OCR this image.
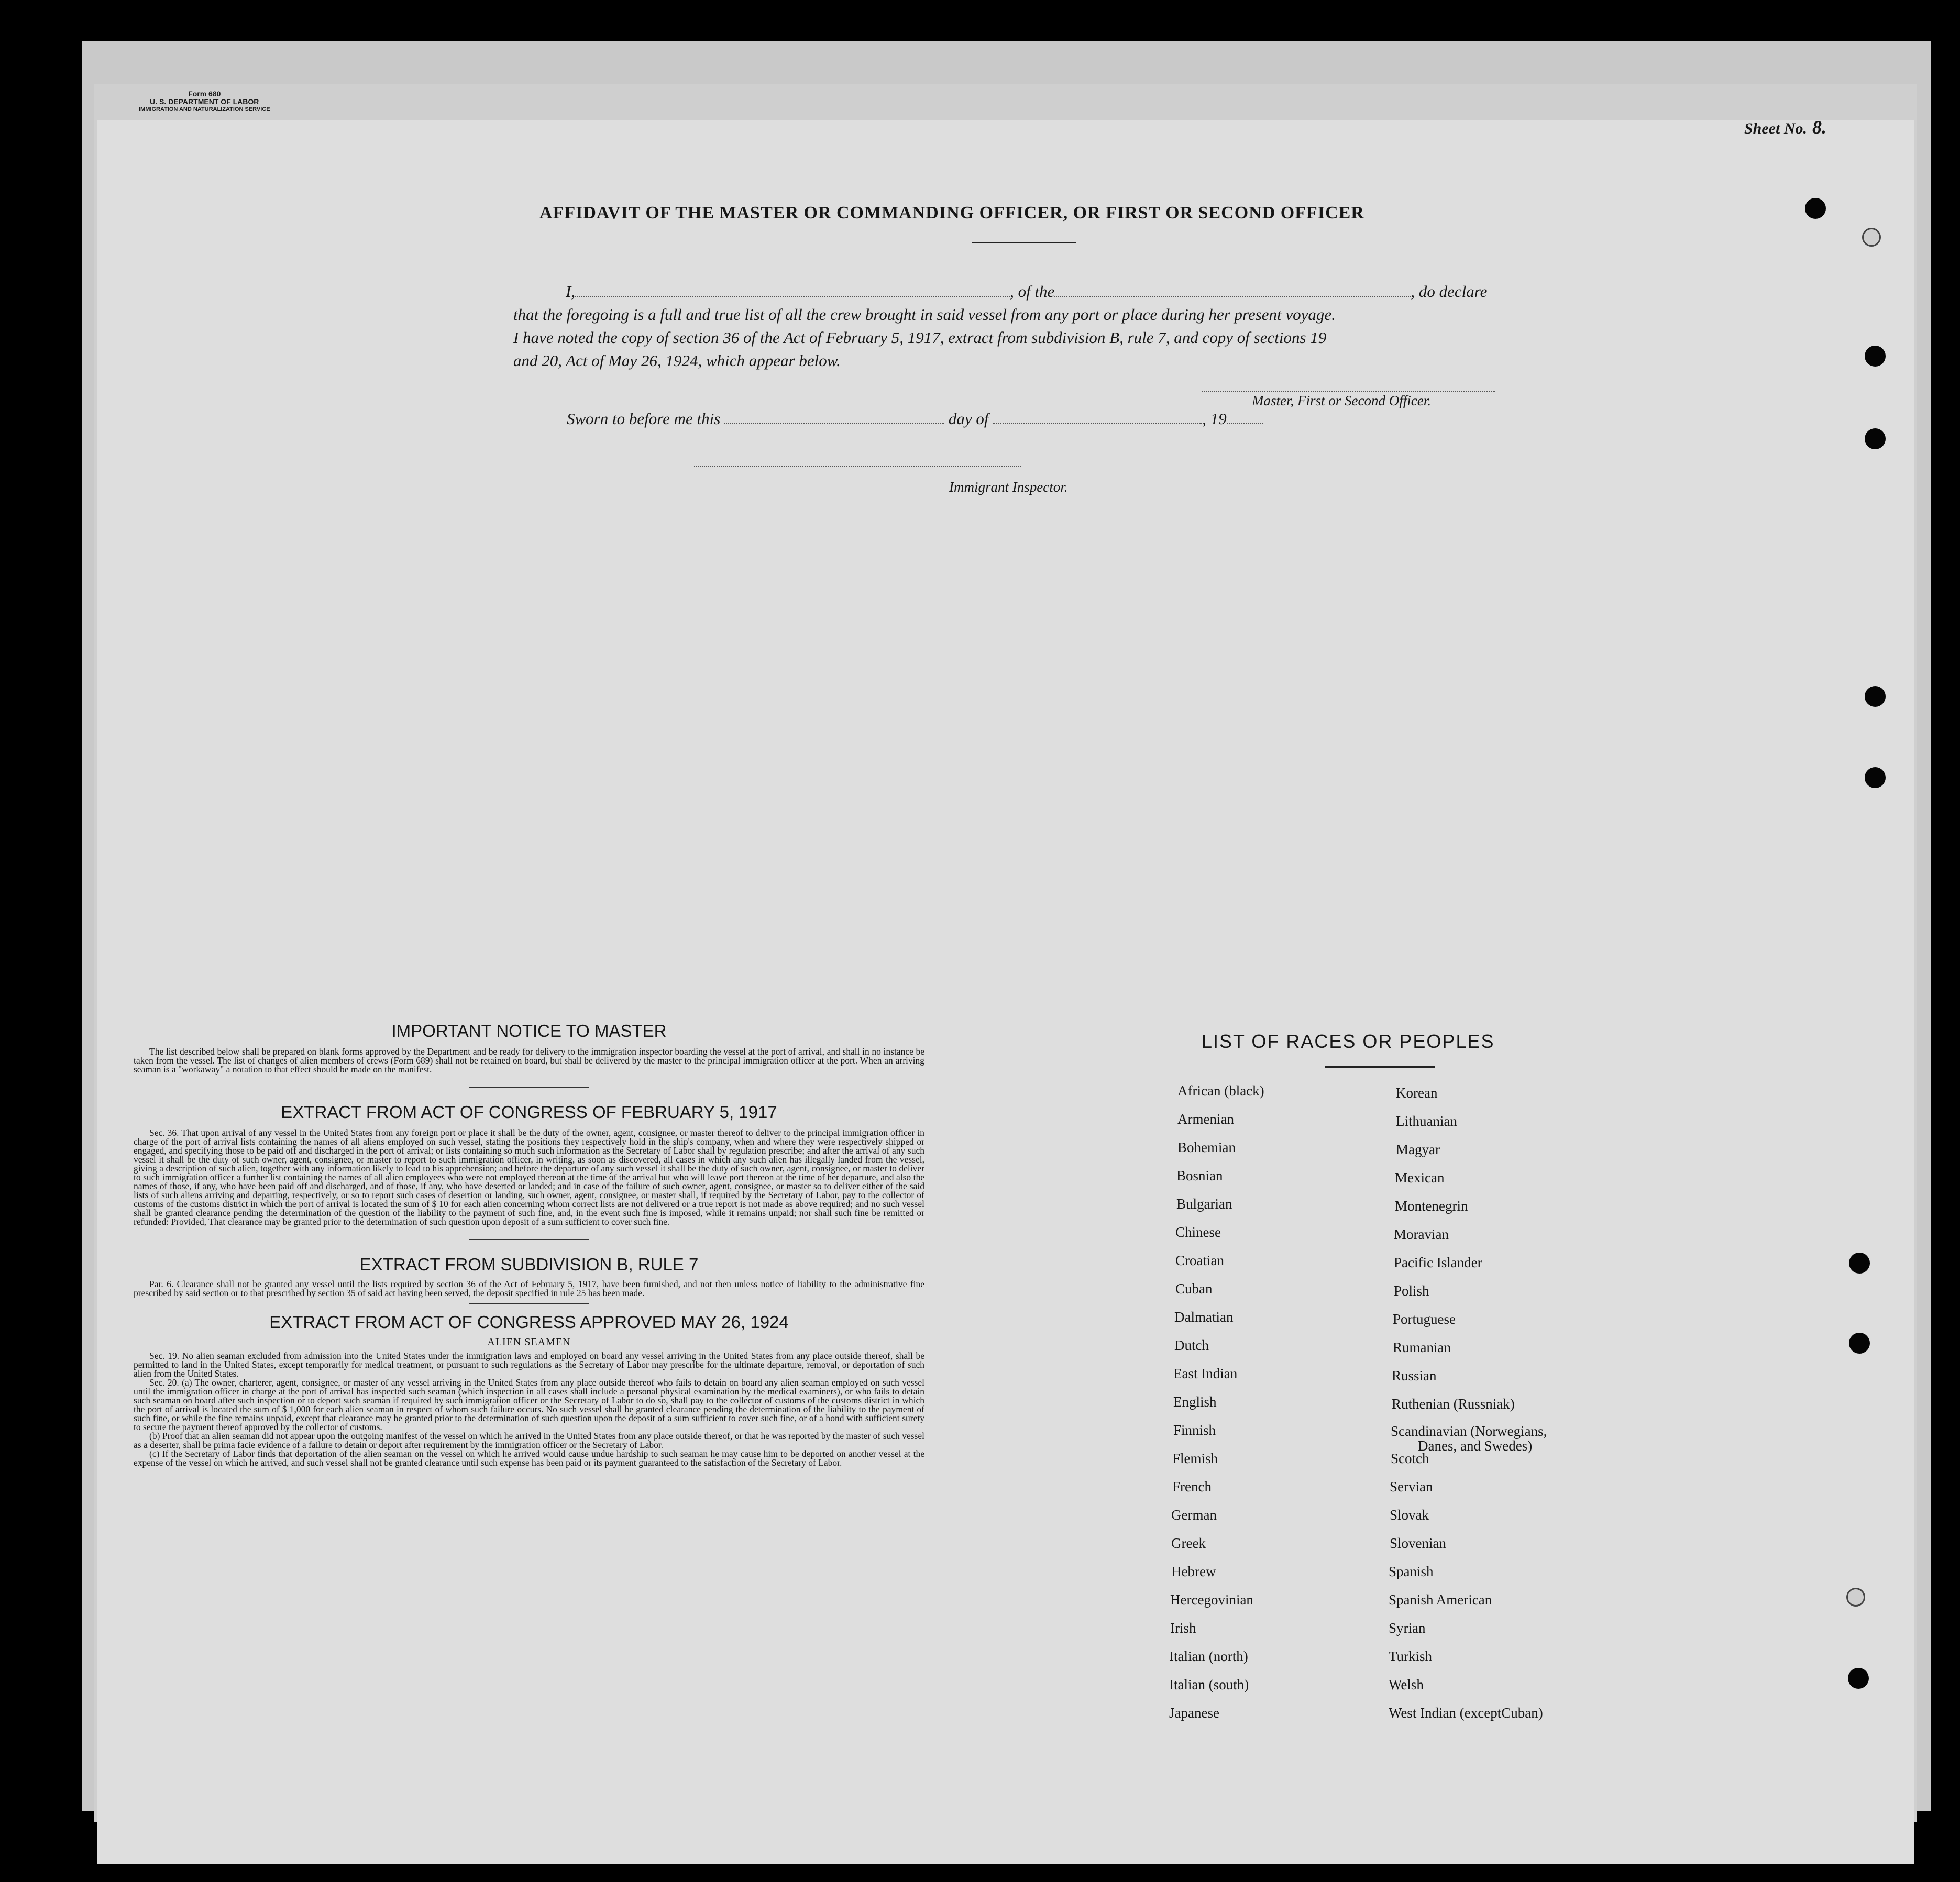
Form 680
U. S. DEPARTMENT OF LABOR
IMMIGRATION AND NATURALIZATION SERVICE
Sheet No. 8.
AFFIDAVIT OF THE MASTER OR COMMANDING OFFICER, OR FIRST OR SECOND OFFICER
I,	, of the	, do declare
that the foregoing is a full and true list of all the crew brought in said vessel from any port or place during her present voyage.
I have noted the copy of section 36 of the Act of February 5, 1917, extract from subdivision B, rule 7, and copy of sections 19
and 20, Act of May 26, 1924, which appear below.
Master, First or Second Officer.
Sworn to before me this	day of	, 19
Immigrant Inspector.
IMPORTANT NOTICE TO MASTER

The list described below shall be prepared on blank forms approved by the Department and be ready for delivery to the immigration inspector boarding the vessel at the port of arrival, and shall in no instance be taken from the vessel. The list of changes of alien members of crews (Form 689) shall not be retained on board, but shall be delivered by the master to the principal immigration officer at the port. When an arriving seaman is a "workaway" a notation to that effect should be made on the manifest.

EXTRACT FROM ACT OF CONGRESS OF FEBRUARY 5, 1917

Sec. 36. That upon arrival of any vessel in the United States from any foreign port or place it shall be the duty of the owner, agent, consignee, or master thereof to deliver to the principal immigration officer in charge of the port of arrival lists containing the names of all aliens employed on such vessel, stating the positions they respectively hold in the ship's company, when and where they were respectively shipped or engaged, and specifying those to be paid off and discharged in the port of arrival; or lists containing so much such information as the Secretary of Labor shall by regulation prescribe; and after the arrival of any such vessel it shall be the duty of such owner, agent, consignee, or master to report to such immigration officer, in writing, as soon as discovered, all cases in which any such alien has illegally landed from the vessel, giving a description of such alien, together with any information likely to lead to his apprehension; and before the departure of any such vessel it shall be the duty of such owner, agent, consignee, or master to deliver to such immigration officer a further list containing the names of all alien employees who were not employed thereon at the time of the arrival but who will leave port thereon at the time of her departure, and also the names of those, if any, who have been paid off and discharged, and of those, if any, who have deserted or landed; and in case of the failure of such owner, agent, consignee, or master so to deliver either of the said lists of such aliens arriving and departing, respectively, or so to report such cases of desertion or landing, such owner, agent, consignee, or master shall, if required by the Secretary of Labor, pay to the collector of customs of the customs district in which the port of arrival is located the sum of $ 10 for each alien concerning whom correct lists are not delivered or a true report is not made as above required; and no such vessel shall be granted clearance pending the determination of the question of the liability to the payment of such fine, and, in the event such fine is imposed, while it remains unpaid; nor shall such fine be remitted or refunded: Provided, That clearance may be granted prior to the determination of such question upon deposit of a sum sufficient to cover such fine.

EXTRACT FROM SUBDIVISION B, RULE 7

Par. 6. Clearance shall not be granted any vessel until the lists required by section 36 of the Act of February 5, 1917, have been furnished, and not then unless notice of liability to the administrative fine prescribed by said section or to that prescribed by section 35 of said act having been served, the deposit specified in rule 25 has been made.

EXTRACT FROM ACT OF CONGRESS APPROVED MAY 26, 1924
ALIEN SEAMEN

Sec. 19. No alien seaman excluded from admission into the United States under the immigration laws and employed on board any vessel arriving in the United States from any place outside thereof, shall be permitted to land in the United States, except temporarily for medical treatment, or pursuant to such regulations as the Secretary of Labor may prescribe for the ultimate departure, removal, or deportation of such alien from the United States.

Sec. 20. (a) The owner, charterer, agent, consignee, or master of any vessel arriving in the United States from any place outside thereof who fails to detain on board any alien seaman employed on such vessel until the immigration officer in charge at the port of arrival has inspected such seaman (which inspection in all cases shall include a personal physical examination by the medical examiners), or who fails to detain such seaman on board after such inspection or to deport such seaman if required by such immigration officer or the Secretary of Labor to do so, shall pay to the collector of customs of the customs district in which the port of arrival is located the sum of $ 1,000 for each alien seaman in respect of whom such failure occurs. No such vessel shall be granted clearance pending the determination of the liability to the payment of such fine, or while the fine remains unpaid, except that clearance may be granted prior to the determination of such question upon the deposit of a sum sufficient to cover such fine, or of a bond with sufficient surety to secure the payment thereof approved by the collector of customs.

(b) Proof that an alien seaman did not appear upon the outgoing manifest of the vessel on which he arrived in the United States from any place outside thereof, or that he was reported by the master of such vessel as a deserter, shall be prima facie evidence of a failure to detain or deport after requirement by the immigration officer or the Secretary of Labor.

(c) If the Secretary of Labor finds that deportation of the alien seaman on the vessel on which he arrived would cause undue hardship to such seaman he may cause him to be deported on another vessel at the expense of the vessel on which he arrived, and such vessel shall not be granted clearance until such expense has been paid or its payment guaranteed to the satisfaction of the Secretary of Labor.

LIST OF RACES OR PEOPLES
African (black)
Armenian
Bohemian
Bosnian
Bulgarian
Chinese
Croatian
Cuban
Dalmatian
Dutch
East Indian
English
Finnish
Flemish
French
German
Greek
Hebrew
Hercegovinian
Irish
Italian (north)
Italian (south)
Japanese
Korean
Lithuanian
Magyar
Mexican
Montenegrin
Moravian
Pacific Islander
Polish
Portuguese
Rumanian
Russian
Ruthenian (Russniak)
Scandinavian (Norwegians,
Danes, and Swedes)
Scotch
Servian
Slovak
Slovenian
Spanish
Spanish American
Syrian
Turkish
Welsh
West Indian (exceptCuban)
